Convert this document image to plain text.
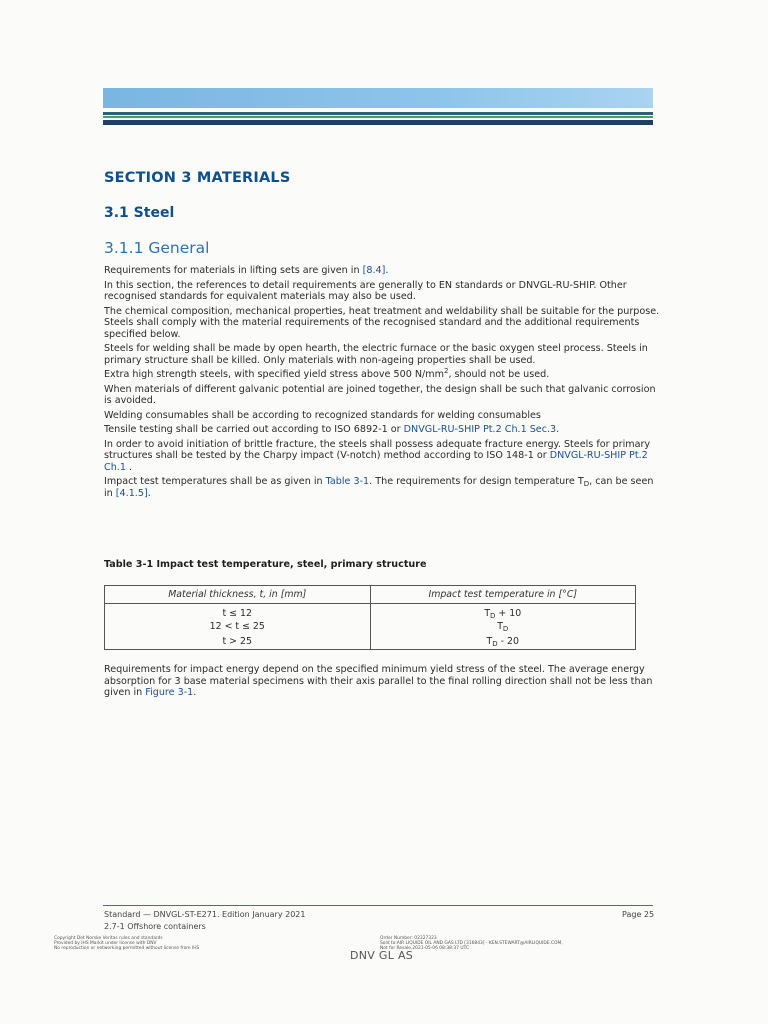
SECTION 3 MATERIALS
3.1 Steel
3.1.1 General

Requirements for materials in lifting sets are given in [8.4].

In this section, the references to detail requirements are generally to EN standards or DNVGL-RU-SHIP. Other recognised standards for equivalent materials may also be used.

The chemical composition, mechanical properties, heat treatment and weldability shall be suitable for the purpose. Steels shall comply with the material requirements of the recognised standard and the additional requirements specified below.

Steels for welding shall be made by open hearth, the electric furnace or the basic oxygen steel process. Steels in primary structure shall be killed. Only materials with non-ageing properties shall be used.

Extra high strength steels, with specified yield stress above 500 $N/mm^2$, should not be used.

When materials of different galvanic potential are joined together, the design shall be such that galvanic corrosion is avoided.

Welding consumables shall be according to recognized standards for welding consumables

Tensile testing shall be carried out according to ISO 6892-1 or DNVGL-RU-SHIP Pt.2 Ch.1 Sec.3.

In order to avoid initiation of brittle fracture, the steels shall possess adequate fracture energy. Steels for primary structures shall be tested by the Charpy impact (V-notch) method according to ISO 148-1 or DNVGL-RU-SHIP Pt.2 Ch.1 .

Impact test temperatures shall be as given in Table 3-1. The requirements for design temperature $T_D$, can be seen in [4.1.5].

Table 3-1 Impact test temperature, steel, primary structure
Material thickness, t, in [mm]	Impact test temperature in [°C]
t ≤ 12	$T_D + 10$
12 < t ≤ 25	$T_D$
t > 25	$T_D - 20$
Requirements for impact energy depend on the specified minimum yield stress of the steel. The average energy absorption for 3 base material specimens with their axis parallel to the final rolling direction shall not be less than given in Figure 3-1.
Standard — DNVGL-ST-E271. Edition January 2021	Page 25
2.7-1 Offshore containers
Copyright Det Norske Veritas rules and standards
Provided by IHS Markit under license with DNV
No reproduction or networking permitted without license from IHS
Order Number: 02327323
Sold to:AIR LIQUIDE OIL AND GAS LTD [316843] - KEN.STEWART@AIRLIQUIDE.COM,
Not for Resale,2021-05-06 08:38:37 UTC
DNV GL AS
